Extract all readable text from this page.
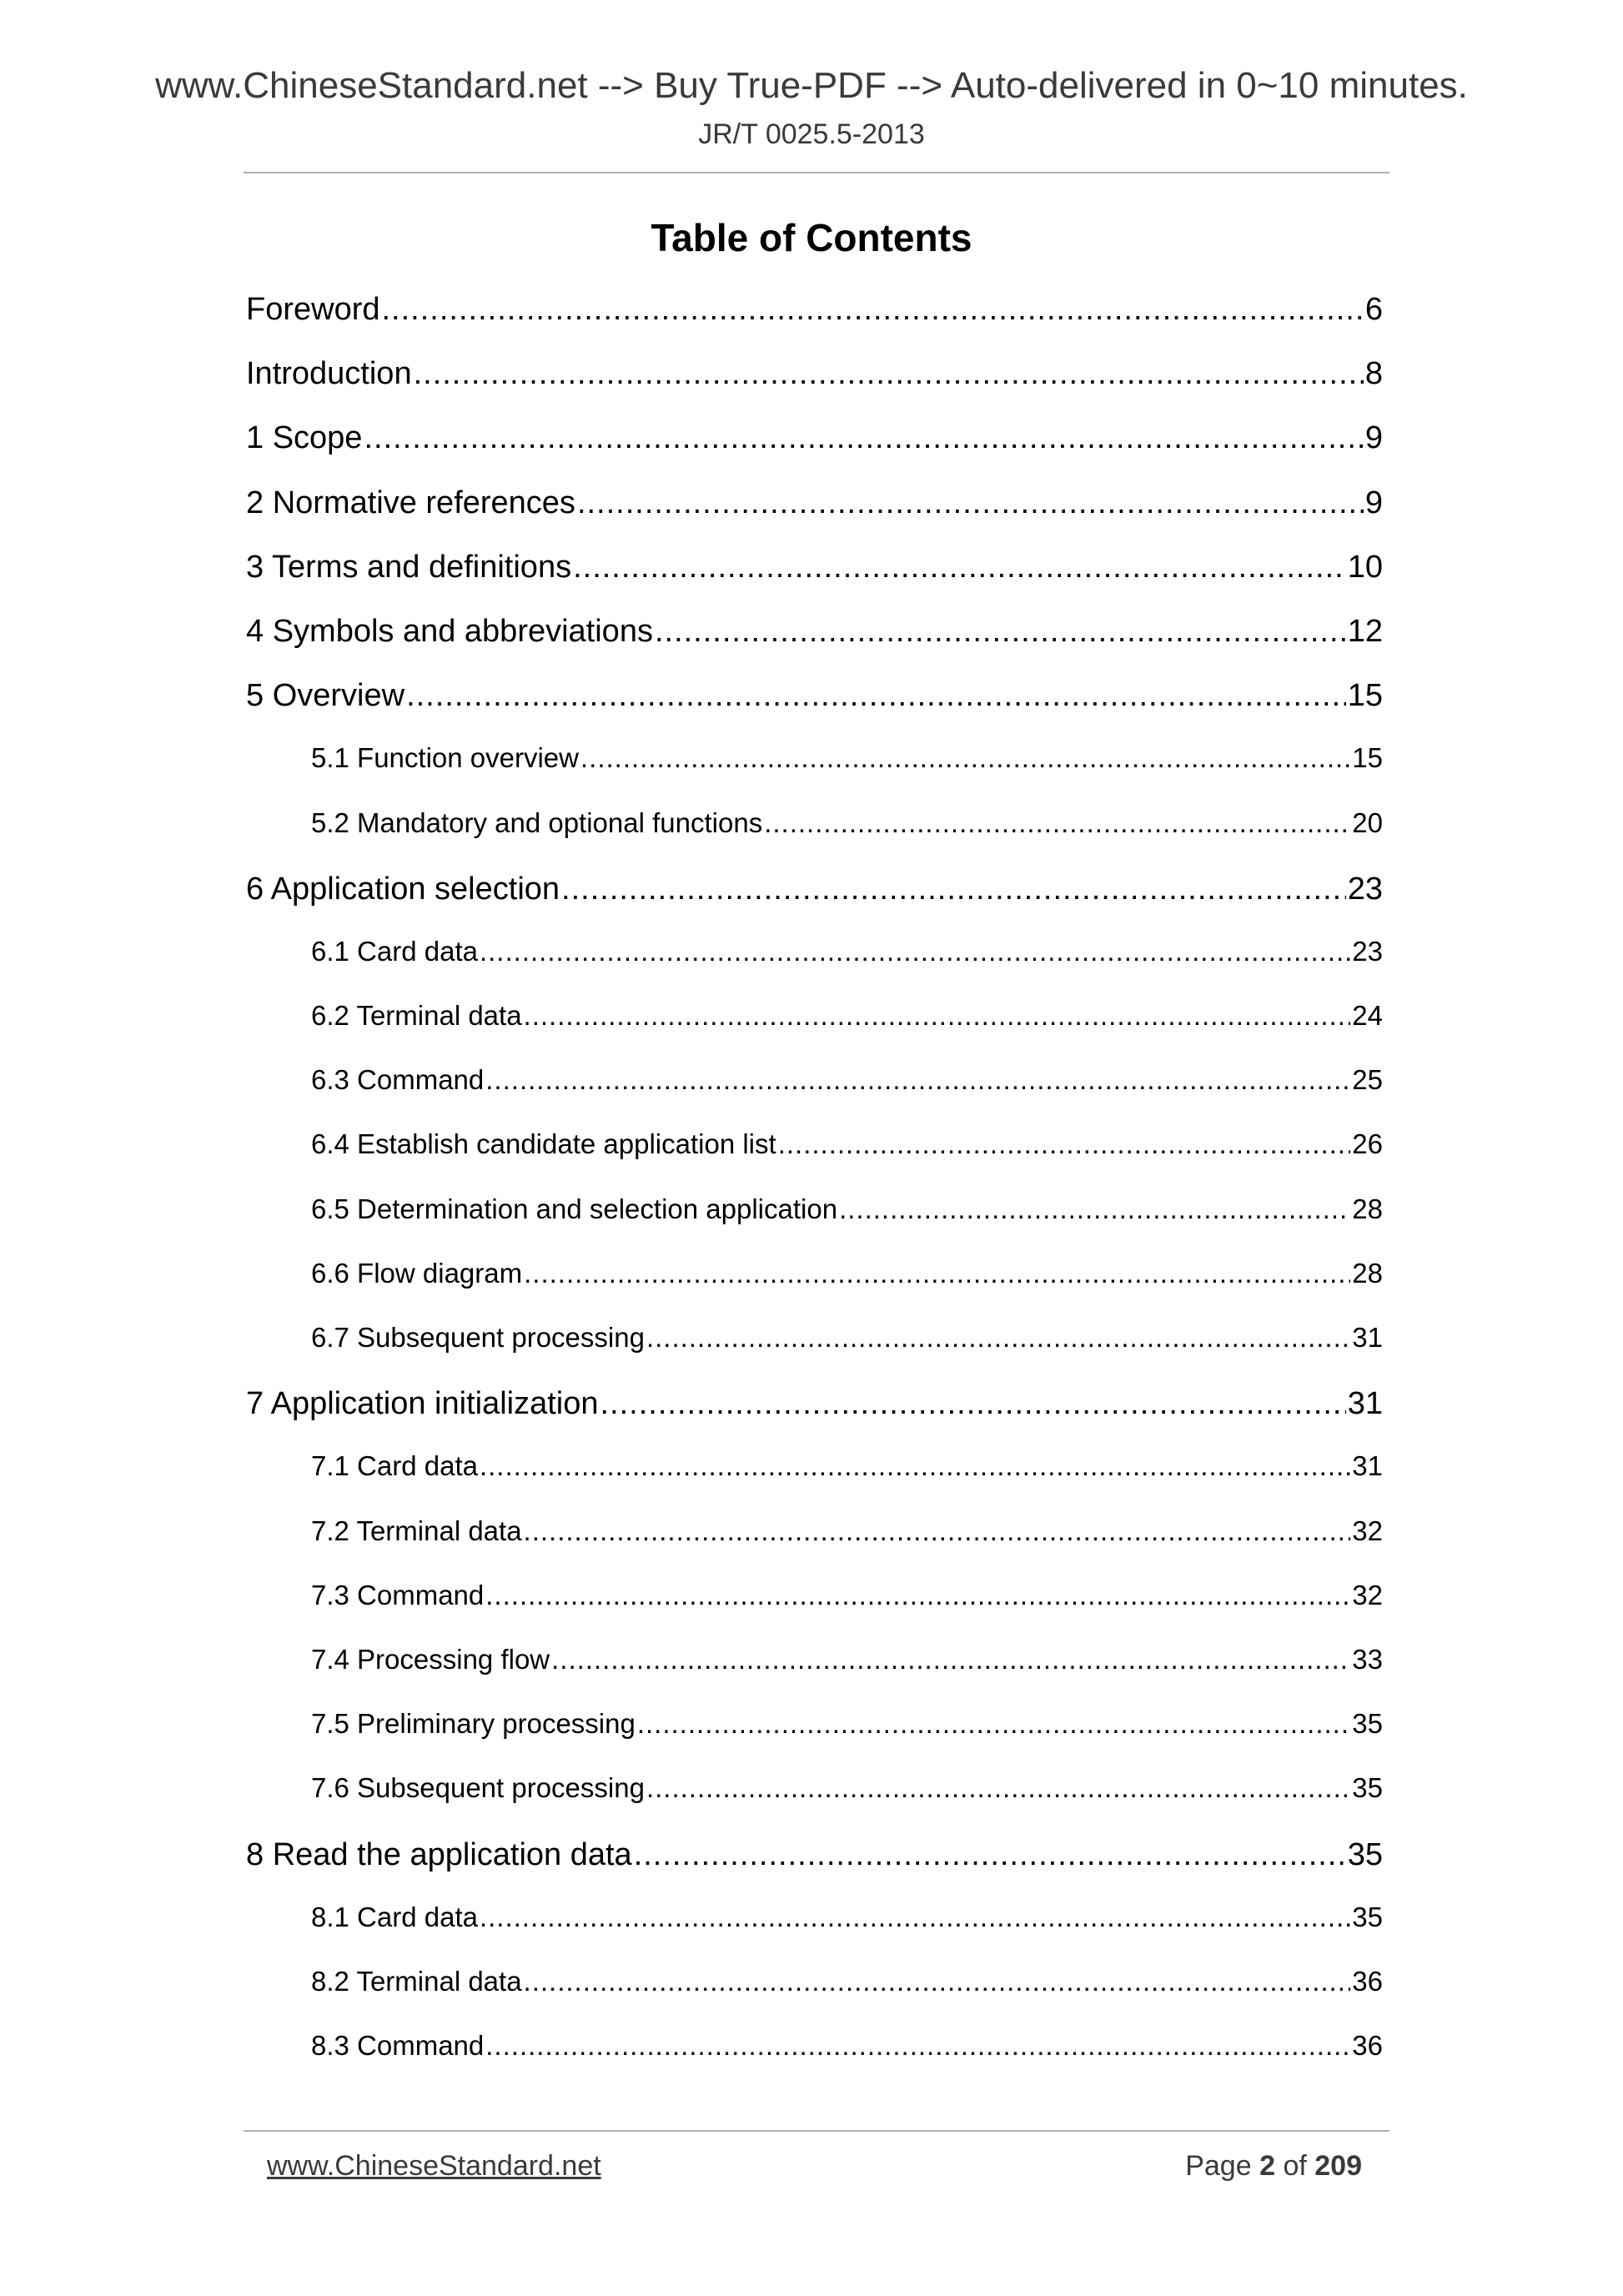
www.ChineseStandard.net --> Buy True-PDF --> Auto-delivered in 0~10 minutes.
JR/T 0025.5-2013
Table of Contents
Foreword .....	6
Introduction .....	8
1 Scope .....	9
2 Normative references .....	9
3 Terms and definitions .....	10
4 Symbols and abbreviations .....	12
5 Overview .....	15
5.1 Function overview .....	15
5.2 Mandatory and optional functions .....	20
6 Application selection .....	23
6.1 Card data .....	23
6.2 Terminal data .....	24
6.3 Command .....	25
6.4 Establish candidate application list .....	26
6.5 Determination and selection application .....	28
6.6 Flow diagram .....	28
6.7 Subsequent processing .....	31
7 Application initialization .....	31
7.1 Card data .....	31
7.2 Terminal data .....	32
7.3 Command .....	32
7.4 Processing flow .....	33
7.5 Preliminary processing .....	35
7.6 Subsequent processing .....	35
8 Read the application data .....	35
8.1 Card data .....	35
8.2 Terminal data .....	36
8.3 Command .....	36
www.ChineseStandard.net	Page 2 of 209
